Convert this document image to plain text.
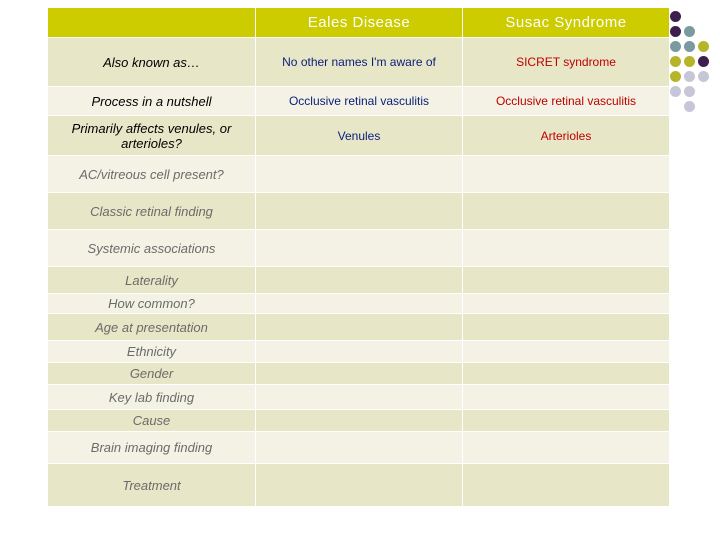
	Eales Disease	Susac Syndrome
Also known as…	No other names I'm aware of	SICRET syndrome
Process in a nutshell	Occlusive retinal vasculitis	Occlusive retinal vasculitis
Primarily affects venules, or arterioles?	Venules	Arterioles
AC/vitreous cell present?		
Classic retinal finding		
Systemic associations		
Laterality		
How common?		
Age at presentation		
Ethnicity		
Gender		
Key lab finding		
Cause		
Brain imaging finding		
Treatment		
